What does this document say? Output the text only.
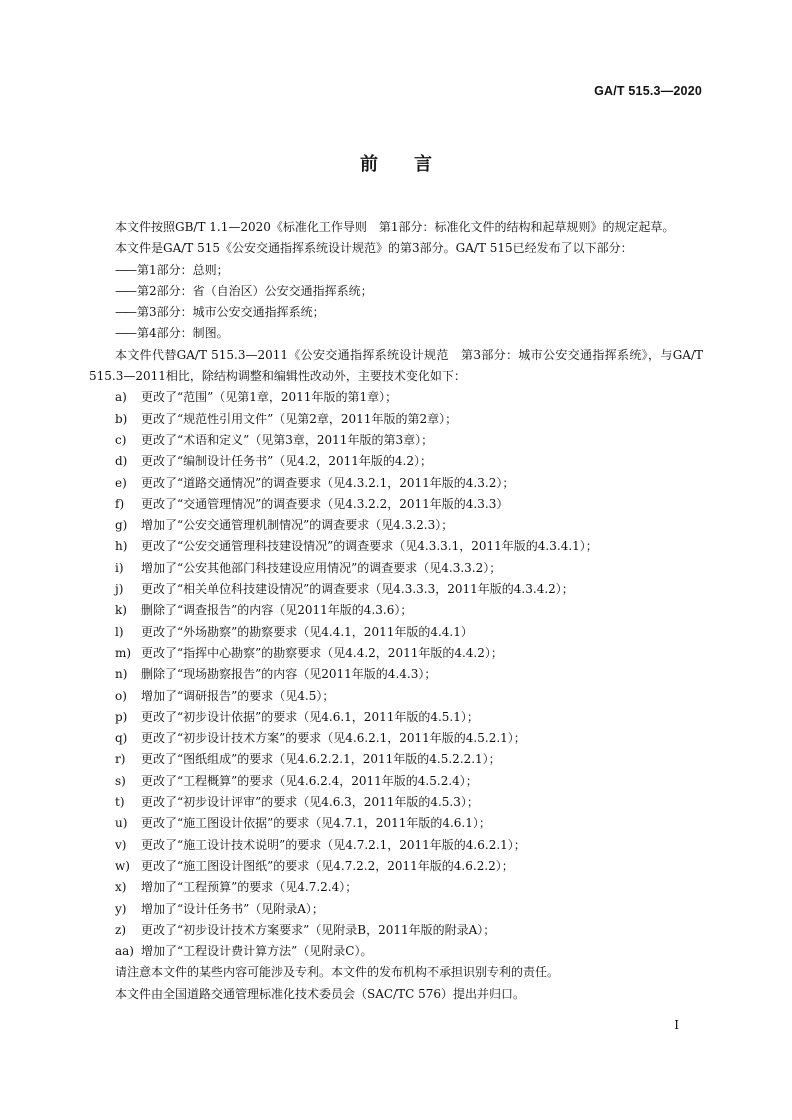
GA/T 515.3—2020
前言

本文件按照GB/T 1.1—2020《标准化工作导则　第1部分：标准化文件的结构和起草规则》的规定起草。

本文件是GA/T 515《公安交通指挥系统设计规范》的第3部分。GA/T 515已经发布了以下部分：

—— 第1部分：总则；

—— 第2部分：省（自治区）公安交通指挥系统；

—— 第3部分：城市公安交通指挥系统；

—— 第4部分：制图。

本文件代替GA/T 515.3—2011《公安交通指挥系统设计规范　第3部分：城市公安交通指挥系统》，与GA/T 515.3—2011相比，除结构调整和编辑性改动外，主要技术变化如下：

a) 更改了“范围”（见第1章，2011年版的第1章）；

b) 更改了“规范性引用文件”（见第2章，2011年版的第2章）；

c) 更改了“术语和定义”（见第3章，2011年版的第3章）；

d) 更改了“编制设计任务书”（见4.2，2011年版的4.2）；

e) 更改了“道路交通情况”的调查要求（见4.3.2.1，2011年版的4.3.2）；

f) 更改了“交通管理情况”的调查要求（见4.3.2.2，2011年版的4.3.3）

g) 增加了“公安交通管理机制情况”的调查要求（见4.3.2.3）；

h) 更改了“公安交通管理科技建设情况”的调查要求（见4.3.3.1，2011年版的4.3.4.1）；

i) 增加了“公安其他部门科技建设应用情况”的调查要求（见4.3.3.2）；

j) 更改了“相关单位科技建设情况”的调查要求（见4.3.3.3，2011年版的4.3.4.2）；

k) 删除了“调查报告”的内容（见2011年版的4.3.6）；

l) 更改了“外场勘察”的勘察要求（见4.4.1，2011年版的4.4.1）

m) 更改了“指挥中心勘察”的勘察要求（见4.4.2，2011年版的4.4.2）；

n) 删除了“现场勘察报告”的内容（见2011年版的4.4.3）；

o) 增加了“调研报告”的要求（见4.5）；

p) 更改了“初步设计依据”的要求（见4.6.1，2011年版的4.5.1）；

q) 更改了“初步设计技术方案”的要求（见4.6.2.1，2011年版的4.5.2.1）；

r) 更改了“图纸组成”的要求（见4.6.2.2.1，2011年版的4.5.2.2.1）；

s) 更改了“工程概算”的要求（见4.6.2.4，2011年版的4.5.2.4）；

t) 更改了“初步设计评审”的要求（见4.6.3，2011年版的4.5.3）；

u) 更改了“施工图设计依据”的要求（见4.7.1，2011年版的4.6.1）；

v) 更改了“施工设计技术说明”的要求（见4.7.2.1，2011年版的4.6.2.1）；

w) 更改了“施工图设计图纸”的要求（见4.7.2.2，2011年版的4.6.2.2）；

x) 增加了“工程预算”的要求（见4.7.2.4）；

y) 增加了“设计任务书”（见附录A）；

z) 更改了“初步设计技术方案要求”（见附录B，2011年版的附录A）；

aa) 增加了“工程设计费计算方法”（见附录C）。

请注意本文件的某些内容可能涉及专利。本文件的发布机构不承担识别专利的责任。

本文件由全国道路交通管理标准化技术委员会（SAC/TC 576）提出并归口。

I
